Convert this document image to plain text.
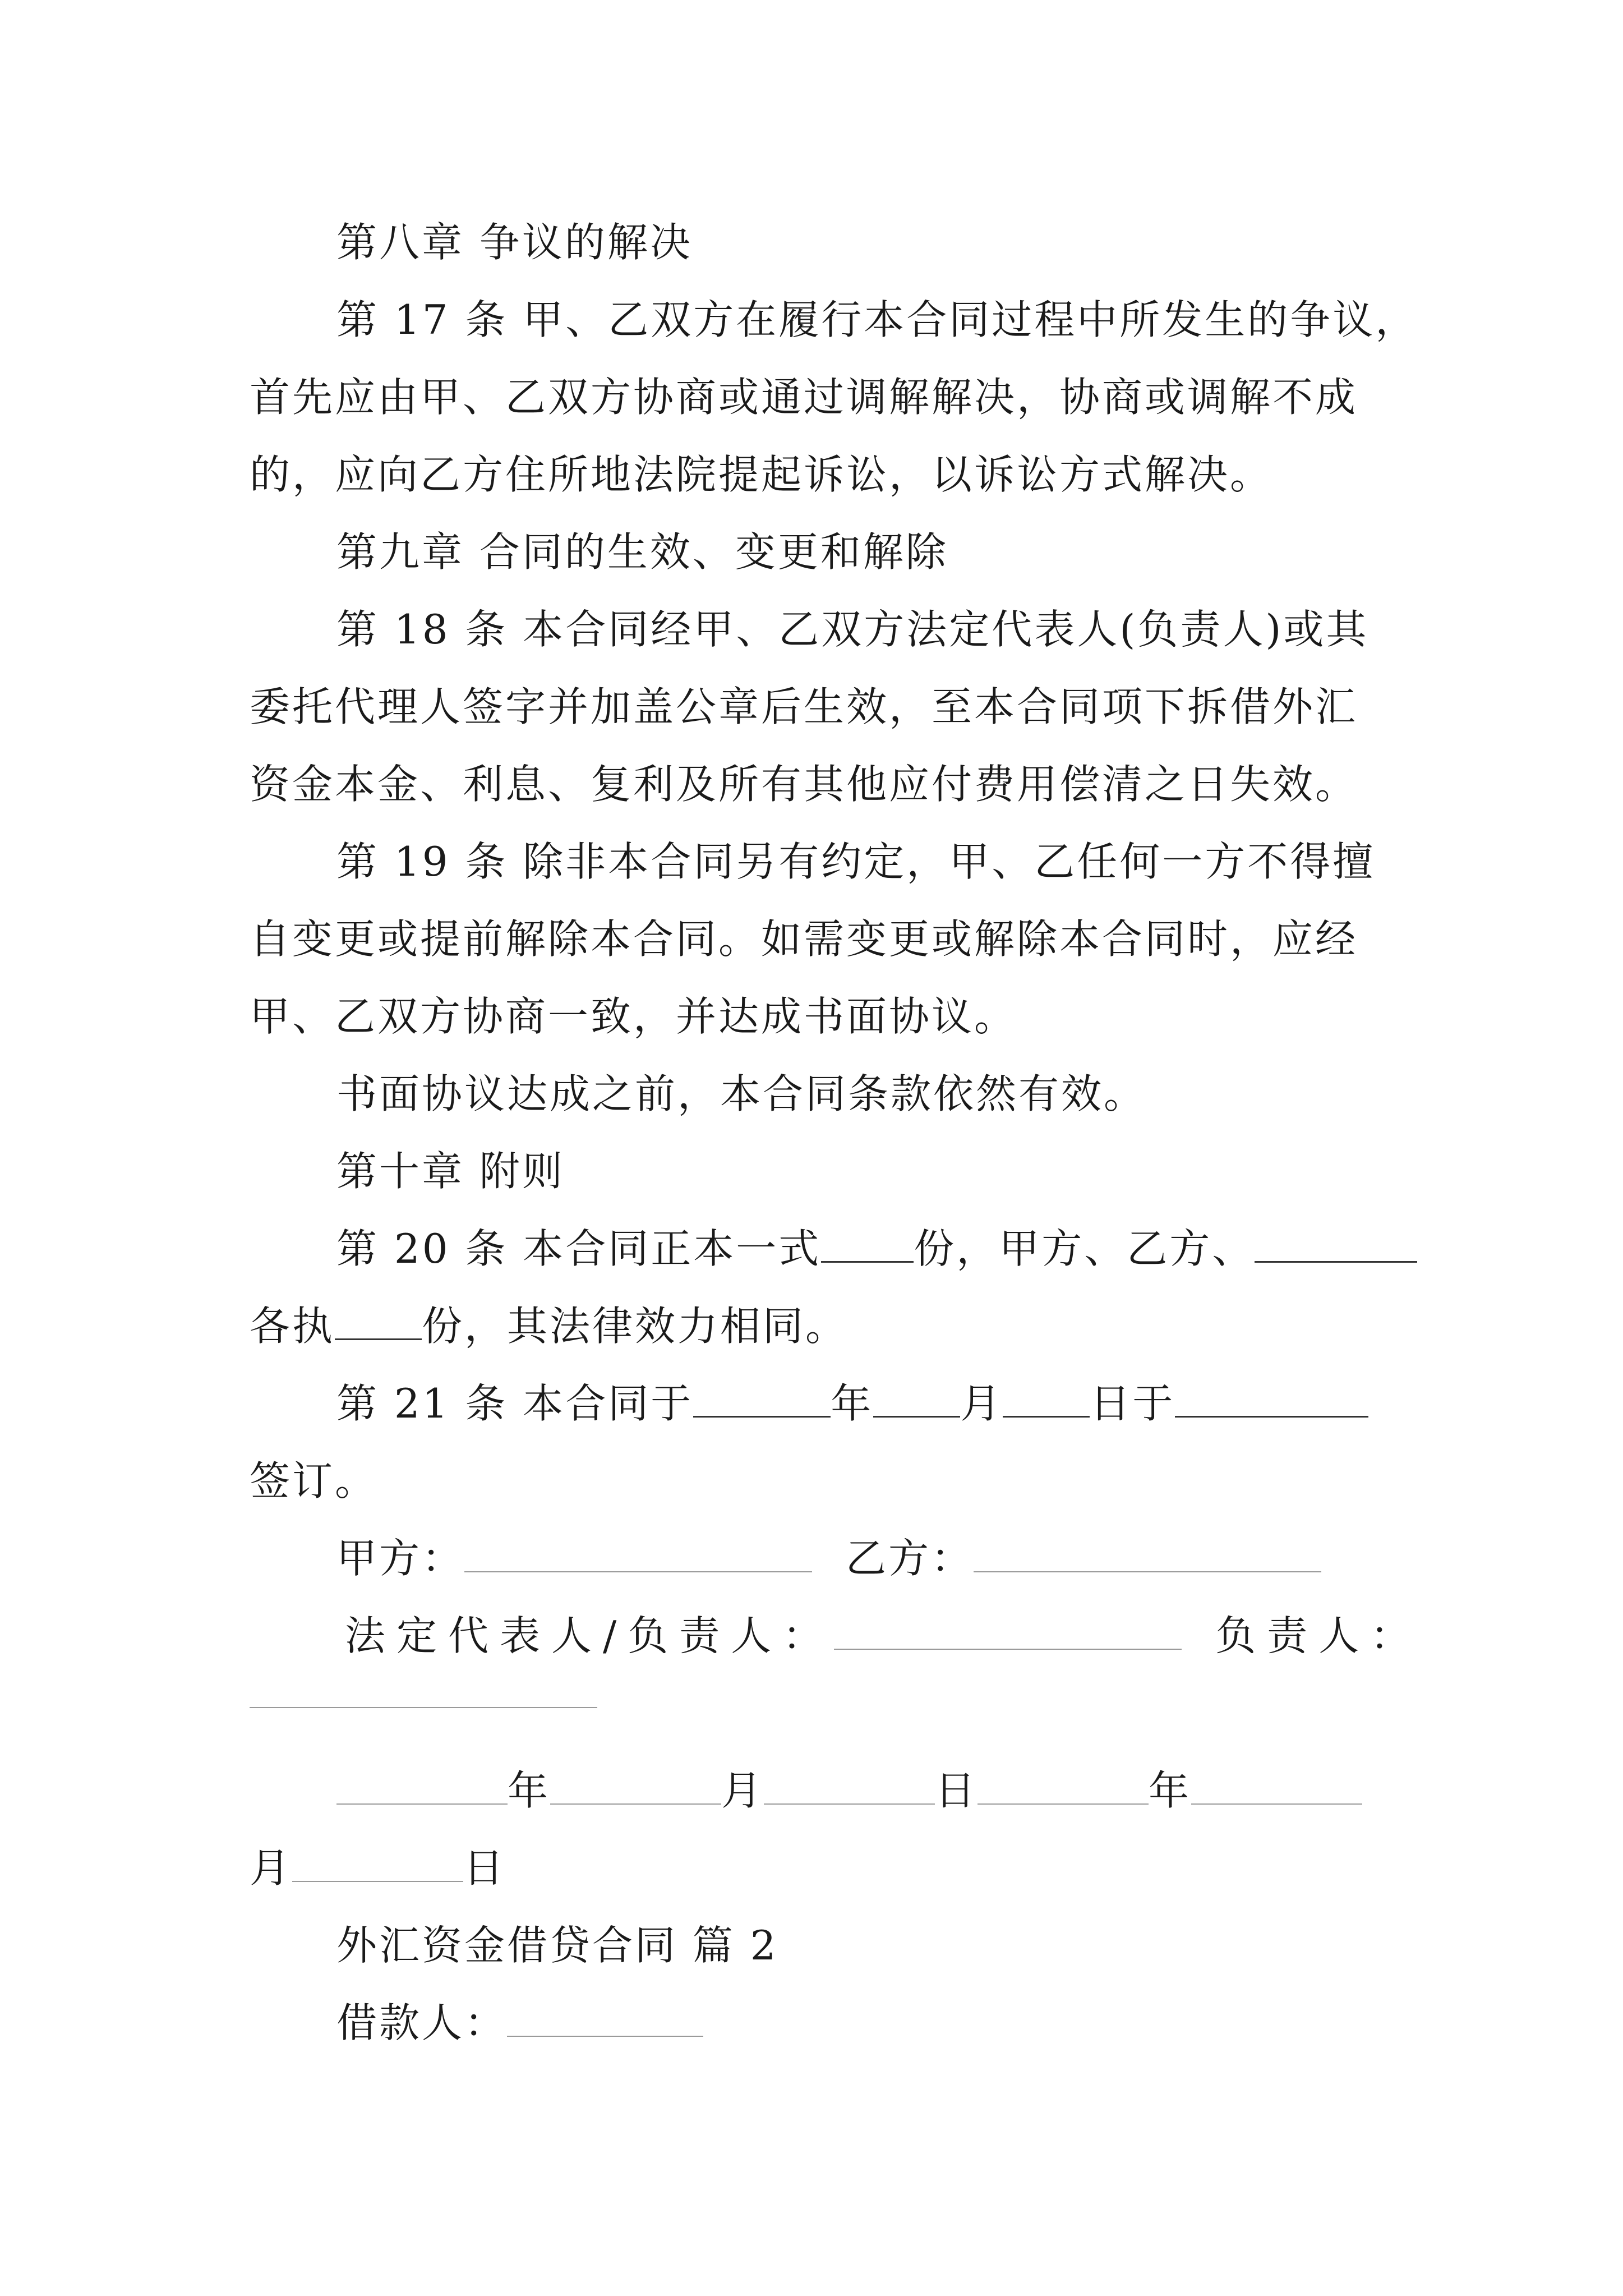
第八章 争议的解决
第 17 条 甲、乙双方在履行本合同过程中所发生的争议，
首先应由甲、乙双方协商或通过调解解决，协商或调解不成
的，应向乙方住所地法院提起诉讼，以诉讼方式解决。
第九章 合同的生效、变更和解除
第 18 条 本合同经甲、乙双方法定代表人(负责人)或其
委托代理人签字并加盖公章后生效，至本合同项下拆借外汇
资金本金、利息、复利及所有其他应付费用偿清之日失效。
第 19 条 除非本合同另有约定，甲、乙任何一方不得擅
自变更或提前解除本合同。如需变更或解除本合同时，应经
甲、乙双方协商一致，并达成书面协议。
书面协议达成之前，本合同条款依然有效。
第十章 附则
第 20 条 本合同正本一式 份，甲方、乙方、
各执 份，其法律效力相同。
第 21 条 本合同于	年 月 日于
签订。
甲方：	乙方：
法定代表人/负责人：	负责人：
年	月	日	年
月	日
外汇资金借贷合同 篇 2
借款人：
